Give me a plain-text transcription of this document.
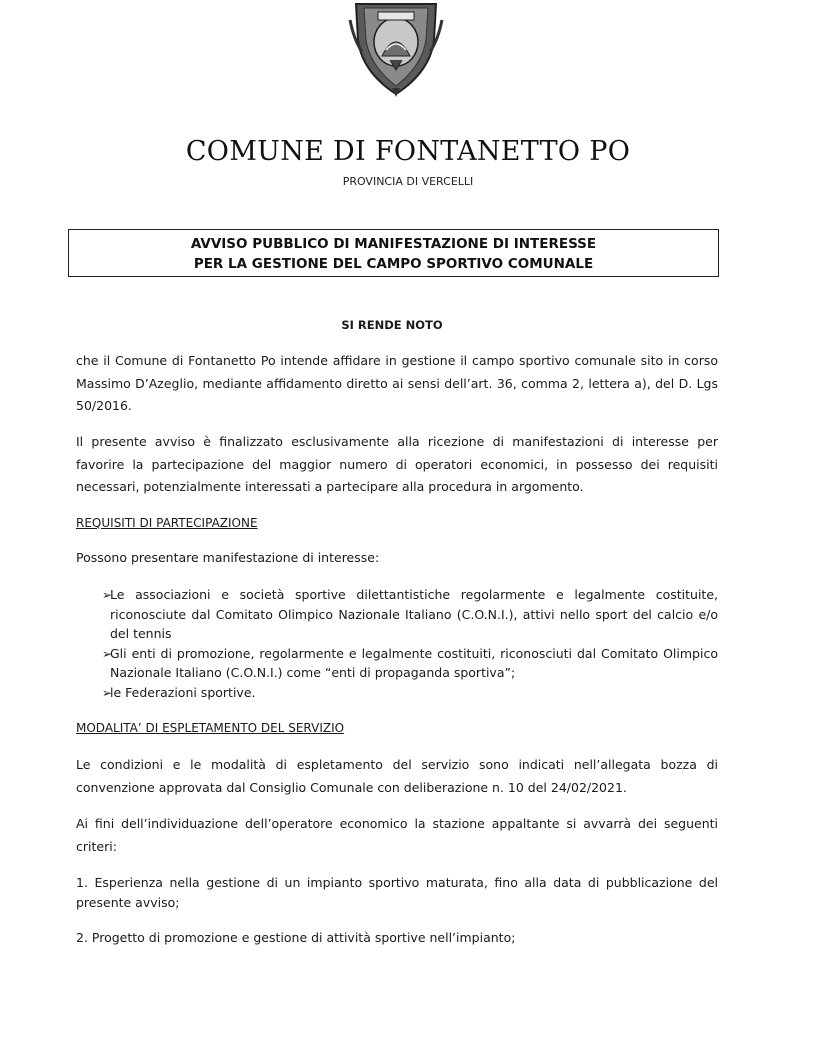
COMUNE DI FONTANETTO PO
PROVINCIA DI VERCELLI
AVVISO PUBBLICO DI MANIFESTAZIONE DI INTERESSE
PER LA GESTIONE DEL CAMPO SPORTIVO COMUNALE
SI RENDE NOTO
che il Comune di Fontanetto Po intende affidare in gestione il campo sportivo comunale sito in corso Massimo D’Azeglio, mediante affidamento diretto ai sensi dell’art. 36, comma 2, lettera a), del D. Lgs 50/2016.
Il presente avviso è finalizzato esclusivamente alla ricezione di manifestazioni di interesse per favorire la partecipazione del maggior numero di operatori economici, in possesso dei requisiti necessari, potenzialmente interessati a partecipare alla procedura in argomento.
REQUISITI DI PARTECIPAZIONE
Possono presentare manifestazione di interesse:
➢
Le associazioni e società sportive dilettantistiche regolarmente e legalmente costituite, riconosciute dal Comitato Olimpico Nazionale Italiano (C.O.N.I.), attivi nello sport del calcio e/o del tennis
➢
Gli enti di promozione, regolarmente e legalmente costituiti, riconosciuti dal Comitato Olimpico Nazionale Italiano (C.O.N.I.) come “enti di propaganda sportiva”;
➢
le Federazioni sportive.
MODALITA’ DI ESPLETAMENTO DEL SERVIZIO
Le condizioni e le modalità di espletamento del servizio sono indicati nell’allegata bozza di convenzione approvata dal Consiglio Comunale con deliberazione n. 10 del 24/02/2021.
Ai fini dell’individuazione dell’operatore economico la stazione appaltante si avvarrà dei seguenti criteri:
1. Esperienza nella gestione di un impianto sportivo maturata, fino alla data di pubblicazione del presente avviso;
2. Progetto di promozione e gestione di attività sportive nell’impianto;
